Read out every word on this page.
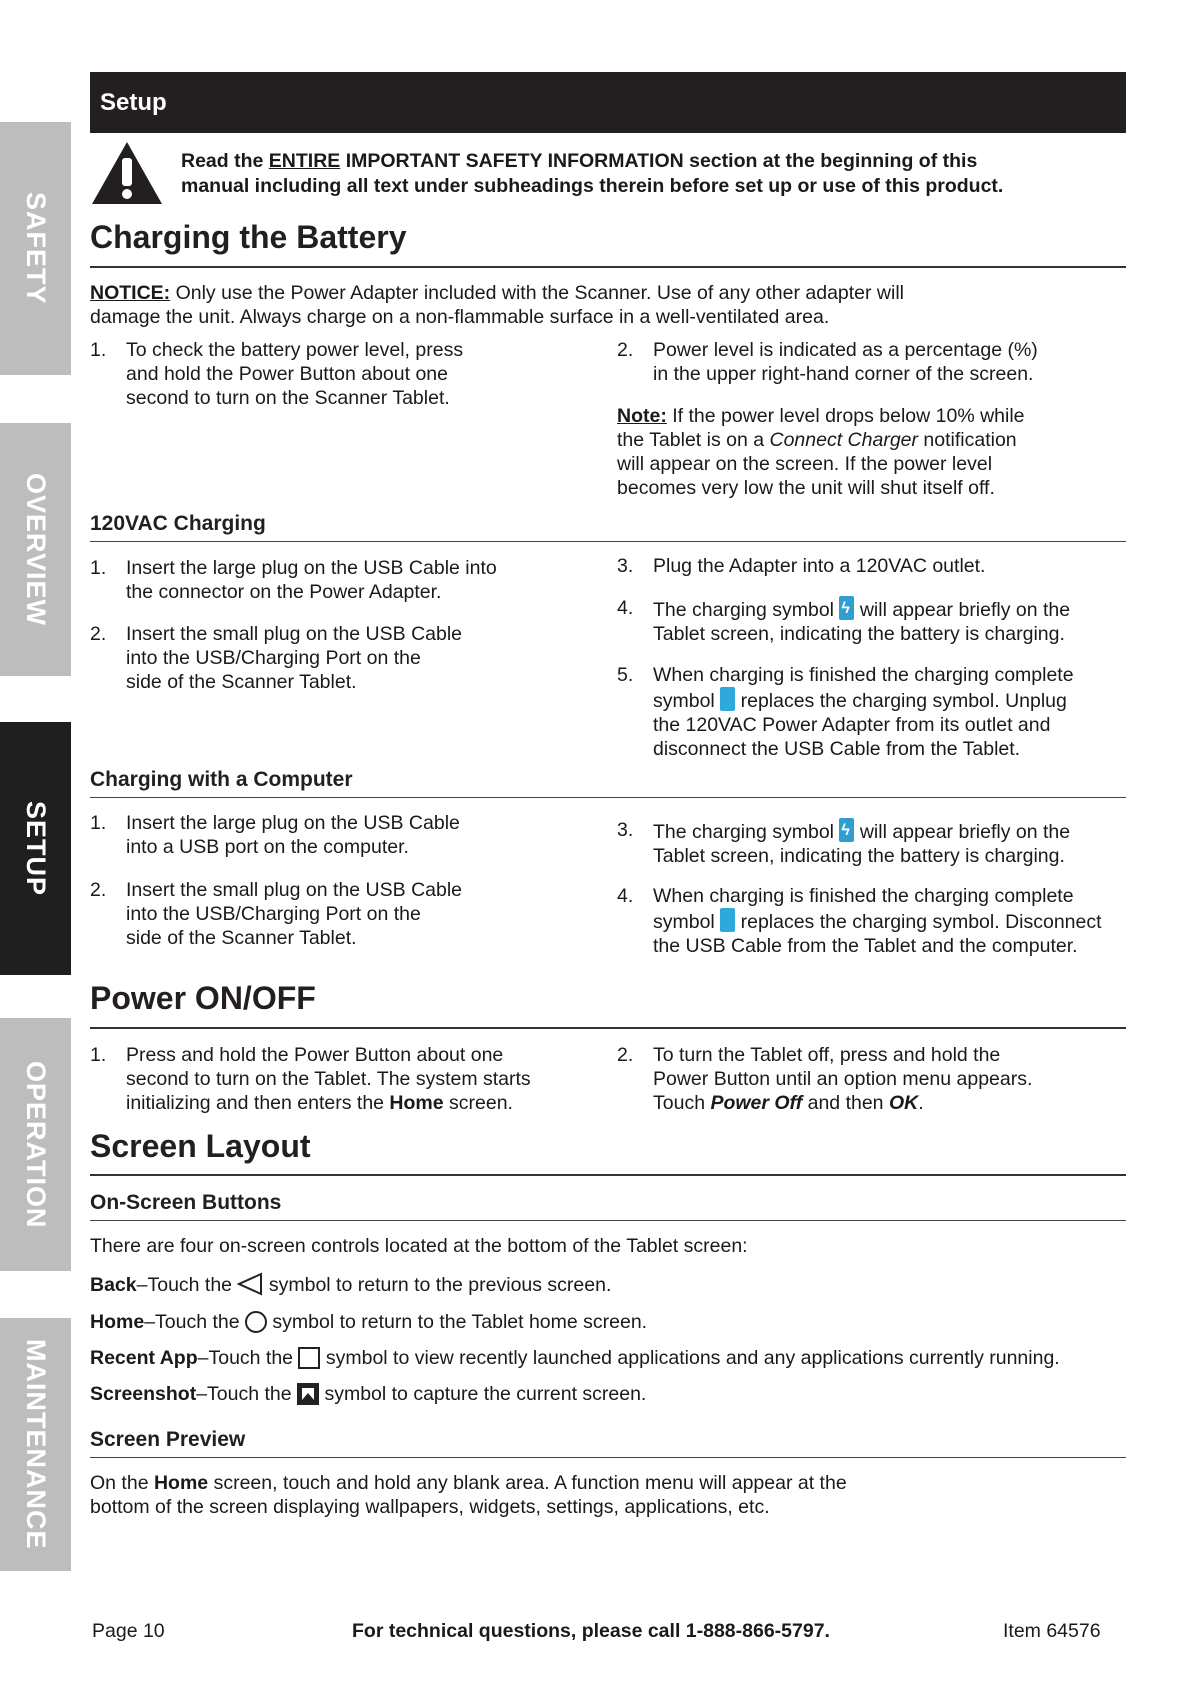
SAFETY
OVERVIEW
SETUP
OPERATION
MAINTENANCE
Setup
Read the ENTIRE IMPORTANT SAFETY INFORMATION section at the beginning of this
manual including all text under subheadings therein before set up or use of this product.
Charging the Battery
NOTICE: Only use the Power Adapter included with the Scanner. Use of any other adapter will
damage the unit. Always charge on a non-flammable surface in a well-ventilated area.
1. To check the battery power level, press
and hold the Power Button about one
second to turn on the Scanner Tablet.
2. Power level is indicated as a percentage (%)
in the upper right-hand corner of the screen.
Note: If the power level drops below 10% while
the Tablet is on a Connect Charger notification
will appear on the screen. If the power level
becomes very low the unit will shut itself off.
120VAC Charging
1. Insert the large plug on the USB Cable into
the connector on the Power Adapter.
2. Insert the small plug on the USB Cable
into the USB/Charging Port on the
side of the Scanner Tablet.
3. Plug the Adapter into a 120VAC outlet.
4. The charging symbol ϟ will appear briefly on the
Tablet screen, indicating the battery is charging.
5. When charging is finished the charging complete
symbol  replaces the charging symbol. Unplug
the 120VAC Power Adapter from its outlet and
disconnect the USB Cable from the Tablet.
Charging with a Computer
1. Insert the large plug on the USB Cable
into a USB port on the computer.
2. Insert the small plug on the USB Cable
into the USB/Charging Port on the
side of the Scanner Tablet.
3. The charging symbol ϟ will appear briefly on the
Tablet screen, indicating the battery is charging.
4. When charging is finished the charging complete
symbol  replaces the charging symbol. Disconnect
the USB Cable from the Tablet and the computer.
Power ON/OFF
1. Press and hold the Power Button about one
second to turn on the Tablet. The system starts
initializing and then enters the Home screen.
2. To turn the Tablet off, press and hold the
Power Button until an option menu appears.
Touch Power Off and then OK.
Screen Layout
On-Screen Buttons
There are four on-screen controls located at the bottom of the Tablet screen:
Back–Touch the  symbol to return to the previous screen.
Home–Touch the  symbol to return to the Tablet home screen.
Recent App–Touch the  symbol to view recently launched applications and any applications currently running.
Screenshot–Touch the  symbol to capture the current screen.
Screen Preview
On the Home screen, touch and hold any blank area. A function menu will appear at the
bottom of the screen displaying wallpapers, widgets, settings, applications, etc.
Page 10	For technical questions, please call 1-888-866-5797.	Item 64576
